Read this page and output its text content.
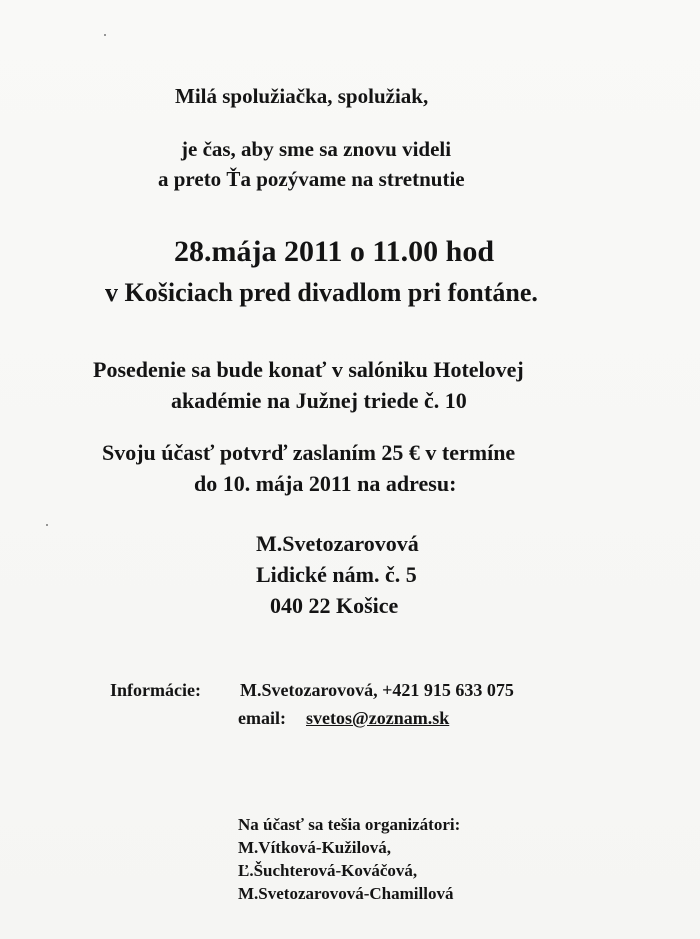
Milá spolužiačka, spolužiak,
je čas, aby sme sa znovu videli
a preto Ťa pozývame na stretnutie
28.mája 2011 o 11.00 hod
v Košiciach pred divadlom pri fontáne.
Posedenie sa bude konať v salóniku Hotelovej
akadémie na Južnej triede č. 10
Svoju účasť potvrď zaslaním 25 € v termíne
do 10. mája 2011 na adresu:
M.Svetozarovová
Lidické nám. č. 5
040 22 Košice
Informácie: M.Svetozarovová, +421 915 633 075
email: svetos@zoznam.sk
Na účasť sa tešia organizátori:
M.Vítková-Kužilová,
Ľ.Šuchterová-Kováčová,
M.Svetozarovová-Chamillová
